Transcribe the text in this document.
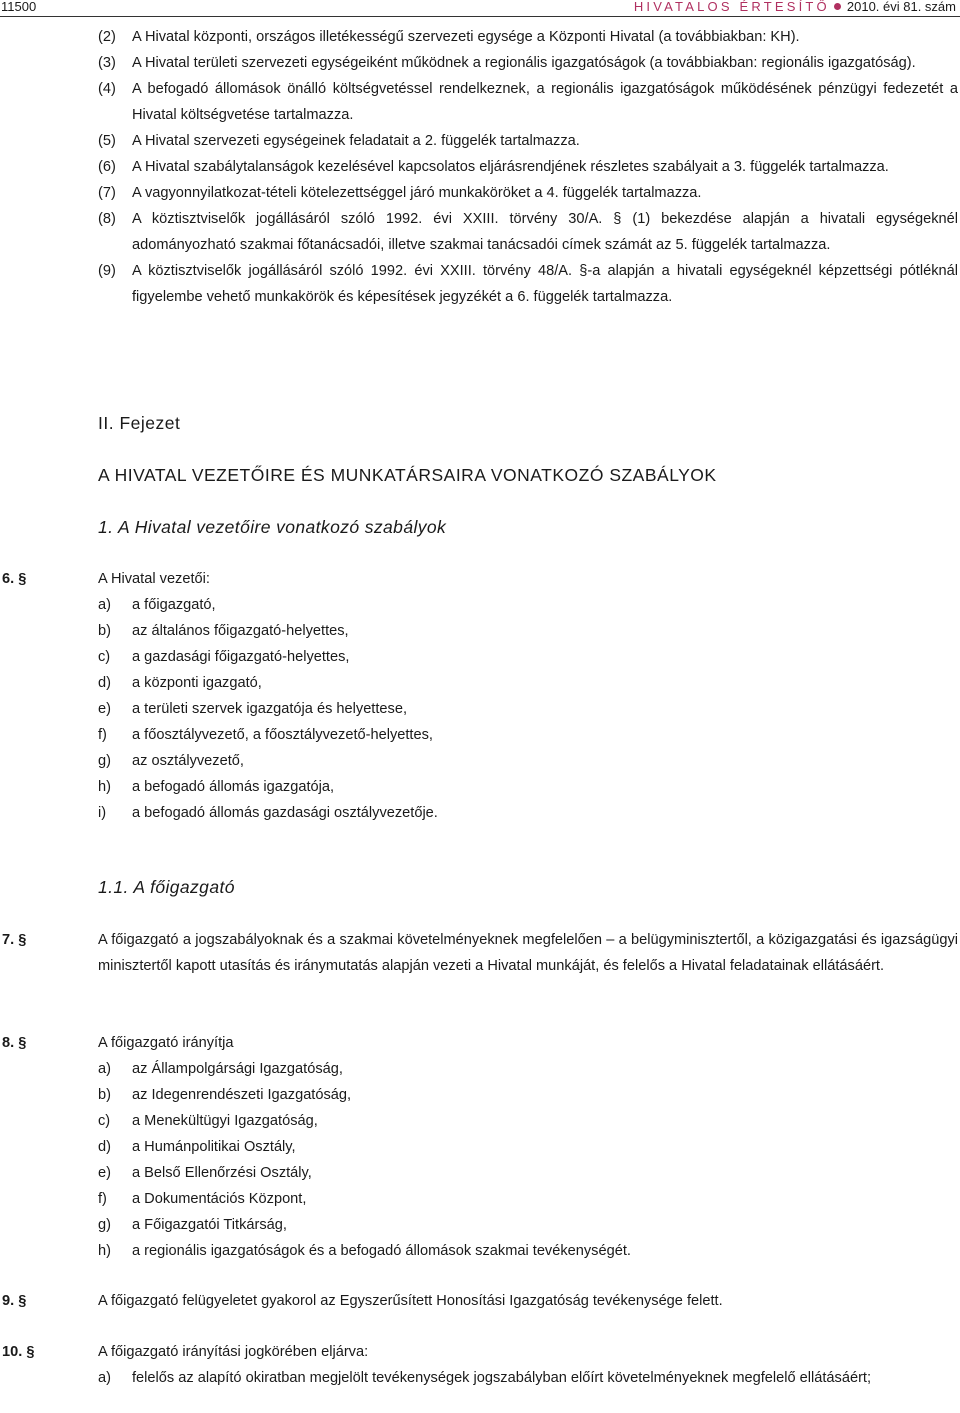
11500	HIVATALOS ÉRTESÍTŐ 2010. évi 81. szám

(2) A Hivatal központi, országos illetékességű szervezeti egysége a Központi Hivatal (a továbbiakban: KH).

(3) A Hivatal területi szervezeti egységeiként működnek a regionális igazgatóságok (a továbbiakban: regionális igazgatóság).

(4) A befogadó állomások önálló költségvetéssel rendelkeznek, a regionális igazgatóságok működésének pénzügyi fedezetét a Hivatal költségvetése tartalmazza.

(5) A Hivatal szervezeti egységeinek feladatait a 2. függelék tartalmazza.

(6) A Hivatal szabálytalanságok kezelésével kapcsolatos eljárásrendjének részletes szabályait a 3. függelék tartalmazza.

(7) A vagyonnyilatkozat-tételi kötelezettséggel járó munkaköröket a 4. függelék tartalmazza.

(8) A köztisztviselők jogállásáról szóló 1992. évi XXIII. törvény 30/A. § (1) bekezdése alapján a hivatali egységeknél adományozható szakmai főtanácsadói, illetve szakmai tanácsadói címek számát az 5. függelék tartalmazza.

(9) A köztisztviselők jogállásáról szóló 1992. évi XXIII. törvény 48/A. §-a alapján a hivatali egységeknél képzettségi pótléknál figyelembe vehető munkakörök és képesítések jegyzékét a 6. függelék tartalmazza.

II. Fejezet
A HIVATAL VEZETŐIRE ÉS MUNKATÁRSAIRA VONATKOZÓ SZABÁLYOK
1. A Hivatal vezetőire vonatkozó szabályok
6. §	A Hivatal vezetői:

a) a főigazgató,
b) az általános főigazgató-helyettes,
c) a gazdasági főigazgató-helyettes,
d) a központi igazgató,
e) a területi szervek igazgatója és helyettese,
f) a főosztályvezető, a főosztályvezető-helyettes,
g) az osztályvezető,
h) a befogadó állomás igazgatója,
i) a befogadó állomás gazdasági osztályvezetője.
1.1. A főigazgató
7. §	A főigazgató a jogszabályoknak és a szakmai követelményeknek megfelelően – a belügyminisztertől, a közigazgatási és igazságügyi minisztertől kapott utasítás és iránymutatás alapján vezeti a Hivatal munkáját, és felelős a Hivatal feladatainak ellátásáért.

8. §	A főigazgató irányítja

a) az Állampolgársági Igazgatóság,
b) az Idegenrendészeti Igazgatóság,
c) a Menekültügyi Igazgatóság,
d) a Humánpolitikai Osztály,
e) a Belső Ellenőrzési Osztály,
f) a Dokumentációs Központ,
g) a Főigazgatói Titkárság,
h) a regionális igazgatóságok és a befogadó állomások szakmai tevékenységét.
9. §	A főigazgató felügyeletet gyakorol az Egyszerűsített Honosítási Igazgatóság tevékenysége felett.

10. §	A főigazgató irányítási jogkörében eljárva:

a) felelős az alapító okiratban megjelölt tevékenységek jogszabályban előírt követelményeknek megfelelő ellátásáért;
